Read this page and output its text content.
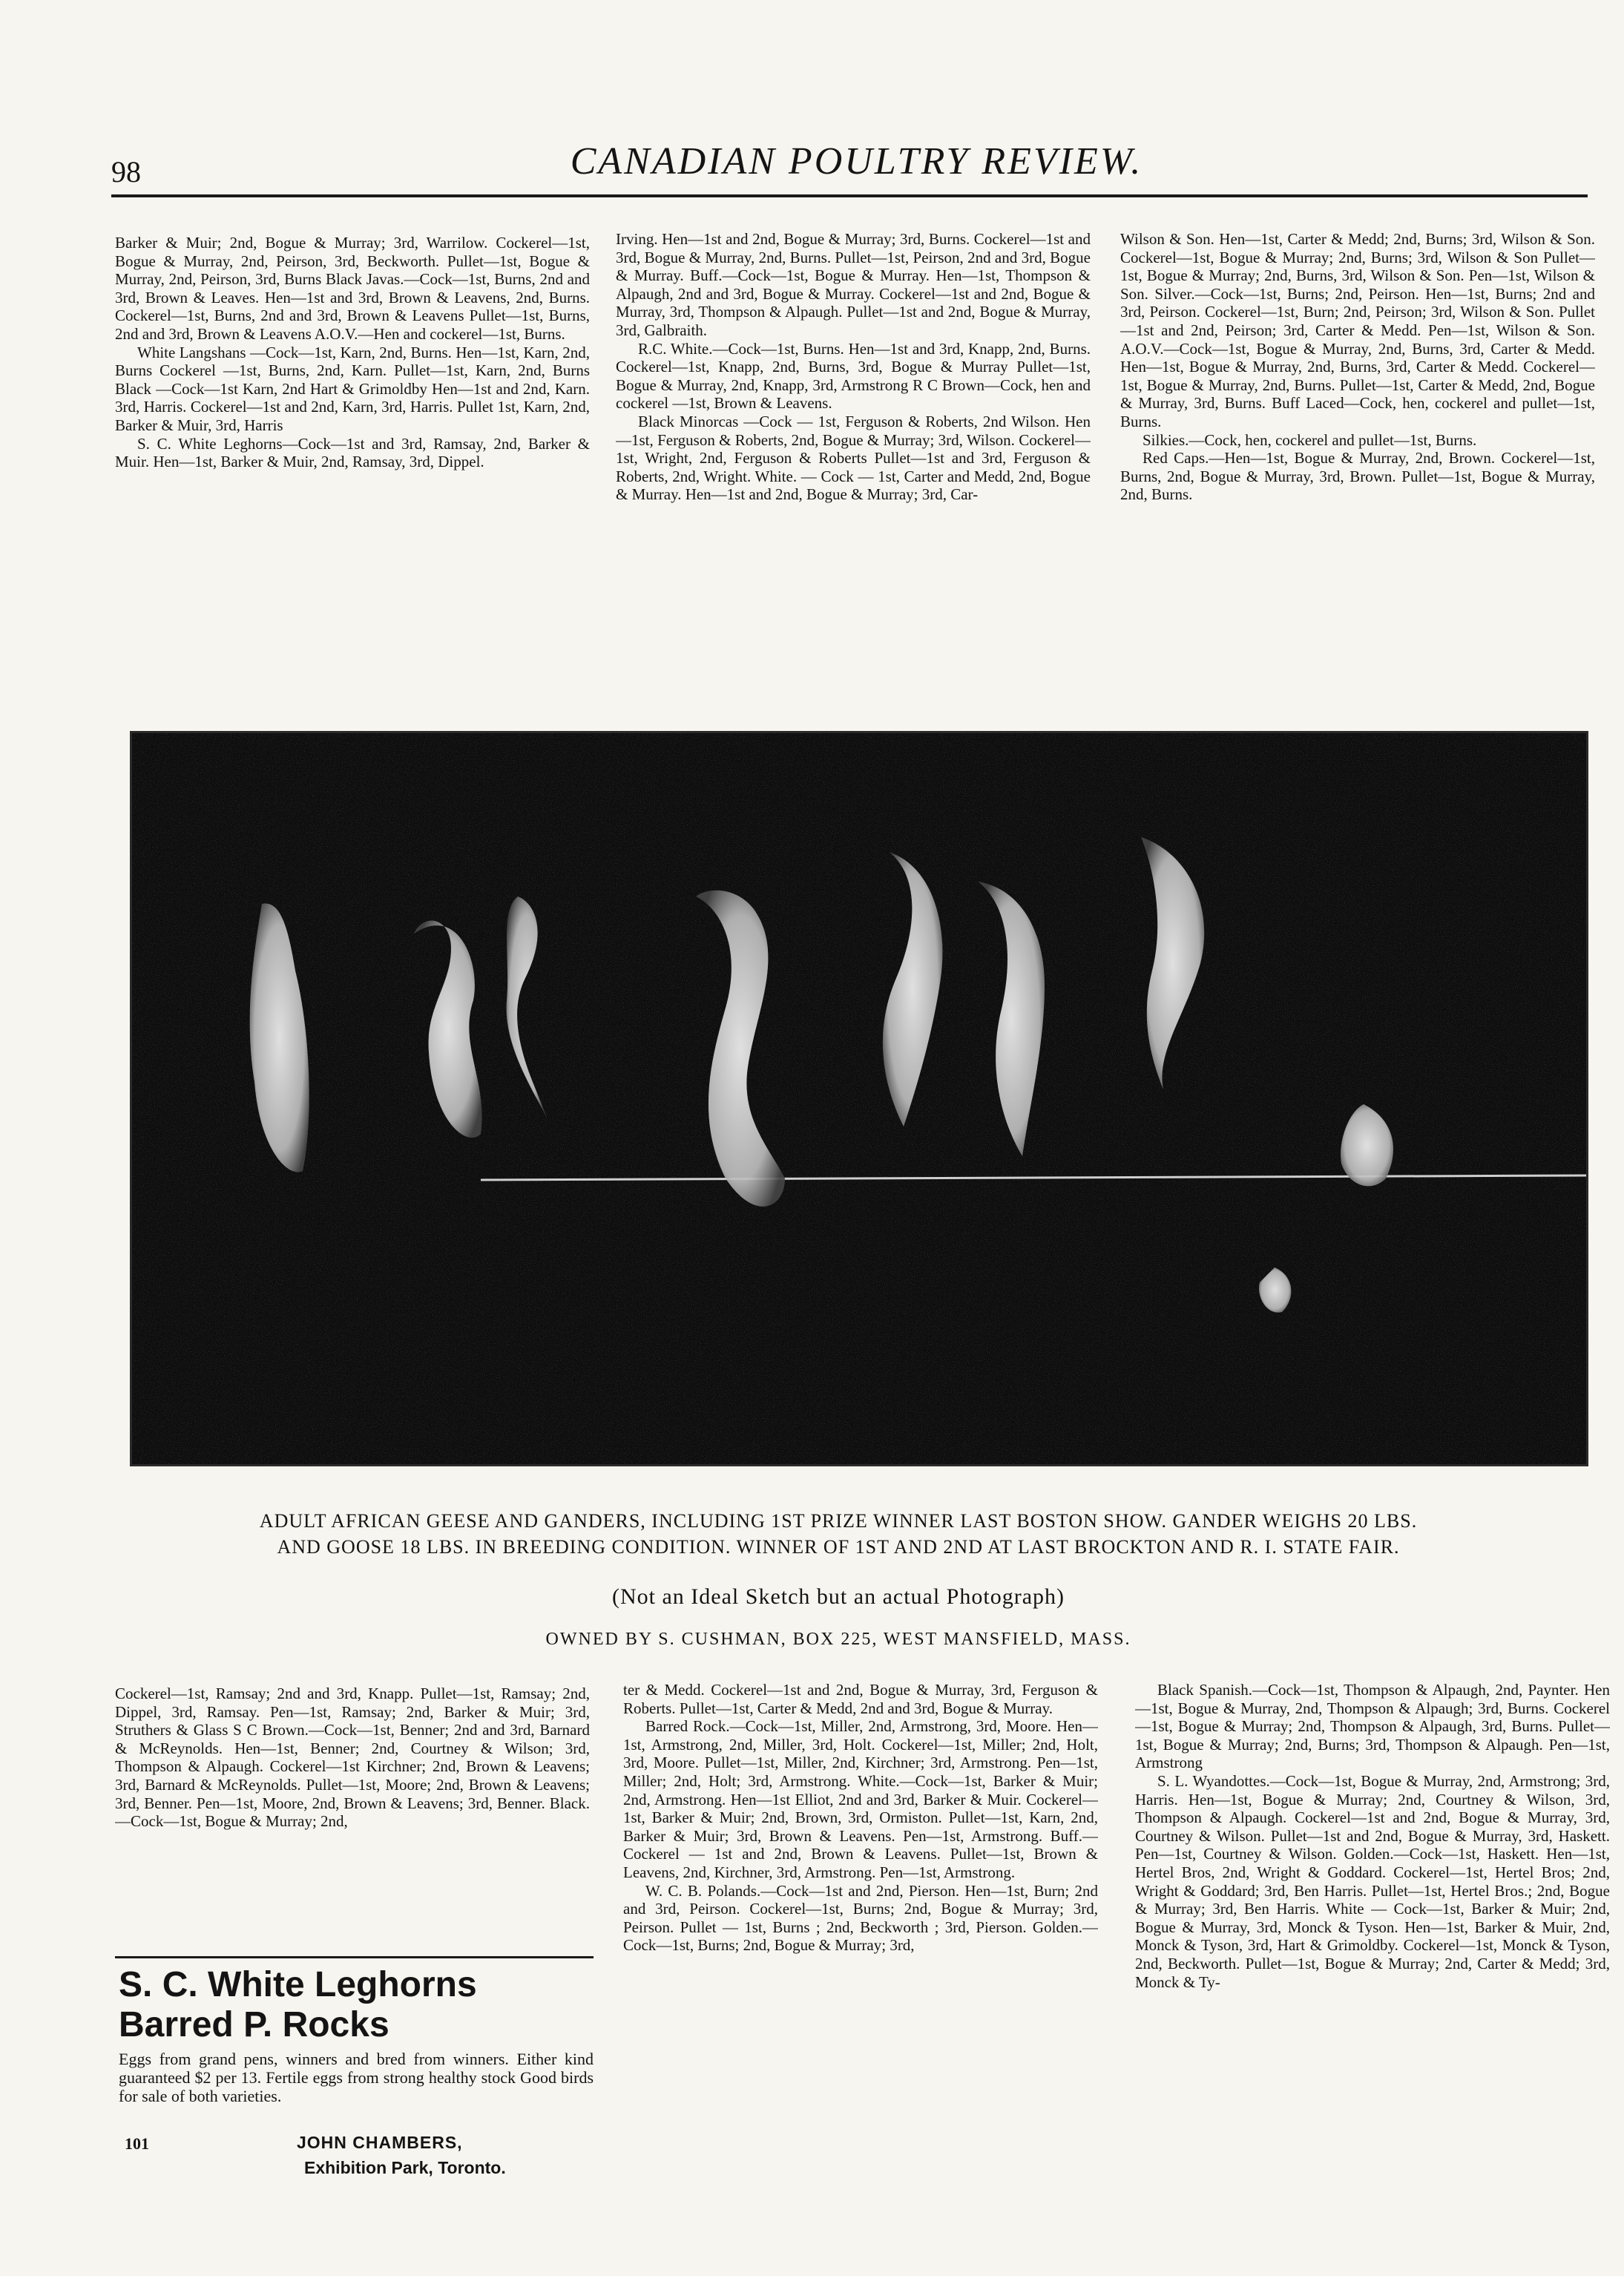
98	CANADIAN POULTRY REVIEW.

Barker & Muir; 2nd, Bogue & Murray; 3rd, Warrilow. Cockerel—1st, Bogue & Murray, 2nd, Peirson, 3rd, Beckworth. Pullet—1st, Bogue & Murray, 2nd, Peirson, 3rd, Burns Black Javas.—Cock—1st, Burns, 2nd and 3rd, Brown & Leaves. Hen—1st and 3rd, Brown & Leavens, 2nd, Burns. Cockerel—1st, Burns, 2nd and 3rd, Brown & Leavens Pullet—1st, Burns, 2nd and 3rd, Brown & Leavens A.O.V.—Hen and cockerel—1st, Burns.

White Langshans —Cock—1st, Karn, 2nd, Burns. Hen—1st, Karn, 2nd, Burns Cockerel —1st, Burns, 2nd, Karn. Pullet—1st, Karn, 2nd, Burns Black —Cock—1st Karn, 2nd Hart & Grimoldby Hen—1st and 2nd, Karn. 3rd, Harris. Cockerel—1st and 2nd, Karn, 3rd, Harris. Pullet 1st, Karn, 2nd, Barker & Muir, 3rd, Harris

S. C. White Leghorns—Cock—1st and 3rd, Ramsay, 2nd, Barker & Muir. Hen—1st, Barker & Muir, 2nd, Ramsay, 3rd, Dippel.

Irving. Hen—1st and 2nd, Bogue & Murray; 3rd, Burns. Cockerel—1st and 3rd, Bogue & Murray, 2nd, Burns. Pullet—1st, Peirson, 2nd and 3rd, Bogue & Murray. Buff.—Cock—1st, Bogue & Murray. Hen—1st, Thompson & Alpaugh, 2nd and 3rd, Bogue & Murray. Cockerel—1st and 2nd, Bogue & Murray, 3rd, Thompson & Alpaugh. Pullet—1st and 2nd, Bogue & Murray, 3rd, Galbraith.

R.C. White.—Cock—1st, Burns. Hen—1st and 3rd, Knapp, 2nd, Burns. Cockerel—1st, Knapp, 2nd, Burns, 3rd, Bogue & Murray Pullet—1st, Bogue & Murray, 2nd, Knapp, 3rd, Armstrong R C Brown—Cock, hen and cockerel —1st, Brown & Leavens.

Black Minorcas —Cock — 1st, Ferguson & Roberts, 2nd Wilson. Hen—1st, Ferguson & Roberts, 2nd, Bogue & Murray; 3rd, Wilson. Cockerel—1st, Wright, 2nd, Ferguson & Roberts Pullet—1st and 3rd, Ferguson & Roberts, 2nd, Wright. White. — Cock — 1st, Carter and Medd, 2nd, Bogue & Murray. Hen—1st and 2nd, Bogue & Murray; 3rd, Car-

Wilson & Son. Hen—1st, Carter & Medd; 2nd, Burns; 3rd, Wilson & Son. Cockerel—1st, Bogue & Murray; 2nd, Burns; 3rd, Wilson & Son Pullet—1st, Bogue & Murray; 2nd, Burns, 3rd, Wilson & Son. Pen—1st, Wilson & Son. Silver.—Cock—1st, Burns; 2nd, Peirson. Hen—1st, Burns; 2nd and 3rd, Peirson. Cockerel—1st, Burn; 2nd, Peirson; 3rd, Wilson & Son. Pullet—1st and 2nd, Peirson; 3rd, Carter & Medd. Pen—1st, Wilson & Son. A.O.V.—Cock—1st, Bogue & Murray, 2nd, Burns, 3rd, Carter & Medd. Hen—1st, Bogue & Murray, 2nd, Burns, 3rd, Carter & Medd. Cockerel—1st, Bogue & Murray, 2nd, Burns. Pullet—1st, Carter & Medd, 2nd, Bogue & Murray, 3rd, Burns. Buff Laced—Cock, hen, cockerel and pullet—1st, Burns.

Silkies.—Cock, hen, cockerel and pullet—1st, Burns.

Red Caps.—Hen—1st, Bogue & Murray, 2nd, Brown. Cockerel—1st, Burns, 2nd, Bogue & Murray, 3rd, Brown. Pullet—1st, Bogue & Murray, 2nd, Burns.

ADULT AFRICAN GEESE AND GANDERS, INCLUDING 1ST PRIZE WINNER LAST BOSTON SHOW. GANDER WEIGHS 20 LBS.
AND GOOSE 18 LBS. IN BREEDING CONDITION. WINNER OF 1ST AND 2ND AT LAST BROCKTON AND R. I. STATE FAIR.
(Not an Ideal Sketch but an actual Photograph)
OWNED BY S. CUSHMAN, BOX 225, WEST MANSFIELD, MASS.

Cockerel—1st, Ramsay; 2nd and 3rd, Knapp. Pullet—1st, Ramsay; 2nd, Dippel, 3rd, Ramsay. Pen—1st, Ramsay; 2nd, Barker & Muir; 3rd, Struthers & Glass S C Brown.—Cock—1st, Benner; 2nd and 3rd, Barnard & McReynolds. Hen—1st, Benner; 2nd, Courtney & Wilson; 3rd, Thompson & Alpaugh. Cockerel—1st Kirchner; 2nd, Brown & Leavens; 3rd, Barnard & McReynolds. Pullet—1st, Moore; 2nd, Brown & Leavens; 3rd, Benner. Pen—1st, Moore, 2nd, Brown & Leavens; 3rd, Benner. Black.—Cock—1st, Bogue & Murray; 2nd,

ter & Medd. Cockerel—1st and 2nd, Bogue & Murray, 3rd, Ferguson & Roberts. Pullet—1st, Carter & Medd, 2nd and 3rd, Bogue & Murray.

Barred Rock.—Cock—1st, Miller, 2nd, Armstrong, 3rd, Moore. Hen—1st, Armstrong, 2nd, Miller, 3rd, Holt. Cockerel—1st, Miller; 2nd, Holt, 3rd, Moore. Pullet—1st, Miller, 2nd, Kirchner; 3rd, Armstrong. Pen—1st, Miller; 2nd, Holt; 3rd, Armstrong. White.—Cock—1st, Barker & Muir; 2nd, Armstrong. Hen—1st Elliot, 2nd and 3rd, Barker & Muir. Cockerel—1st, Barker & Muir; 2nd, Brown, 3rd, Ormiston. Pullet—1st, Karn, 2nd, Barker & Muir; 3rd, Brown & Leavens. Pen—1st, Armstrong. Buff.—Cockerel — 1st and 2nd, Brown & Leavens. Pullet—1st, Brown & Leavens, 2nd, Kirchner, 3rd, Armstrong. Pen—1st, Armstrong.

W. C. B. Polands.—Cock—1st and 2nd, Pierson. Hen—1st, Burn; 2nd and 3rd, Peirson. Cockerel—1st, Burns; 2nd, Bogue & Murray; 3rd, Peirson. Pullet — 1st, Burns ; 2nd, Beckworth ; 3rd, Pierson. Golden.—Cock—1st, Burns; 2nd, Bogue & Murray; 3rd,

Black Spanish.—Cock—1st, Thompson & Alpaugh, 2nd, Paynter. Hen—1st, Bogue & Murray, 2nd, Thompson & Alpaugh; 3rd, Burns. Cockerel—1st, Bogue & Murray; 2nd, Thompson & Alpaugh, 3rd, Burns. Pullet—1st, Bogue & Murray; 2nd, Burns; 3rd, Thompson & Alpaugh. Pen—1st, Armstrong

S. L. Wyandottes.—Cock—1st, Bogue & Murray, 2nd, Armstrong; 3rd, Harris. Hen—1st, Bogue & Murray; 2nd, Courtney & Wilson, 3rd, Thompson & Alpaugh. Cockerel—1st and 2nd, Bogue & Murray, 3rd, Courtney & Wilson. Pullet—1st and 2nd, Bogue & Murray, 3rd, Haskett. Pen—1st, Courtney & Wilson. Golden.—Cock—1st, Haskett. Hen—1st, Hertel Bros, 2nd, Wright & Goddard. Cockerel—1st, Hertel Bros; 2nd, Wright & Goddard; 3rd, Ben Harris. Pullet—1st, Hertel Bros.; 2nd, Bogue & Murray; 3rd, Ben Harris. White — Cock—1st, Barker & Muir; 2nd, Bogue & Murray, 3rd, Monck & Tyson. Hen—1st, Barker & Muir, 2nd, Monck & Tyson, 3rd, Hart & Grimoldby. Cockerel—1st, Monck & Tyson, 2nd, Beckworth. Pullet—1st, Bogue & Murray; 2nd, Carter & Medd; 3rd, Monck & Ty-

S. C. White Leghorns
Barred P. Rocks
Eggs from grand pens, winners and bred from winners. Either kind guaranteed $2 per 13. Fertile eggs from strong healthy stock Good birds for sale of both varieties.
101	JOHN CHAMBERS,
Exhibition Park, Toronto.
